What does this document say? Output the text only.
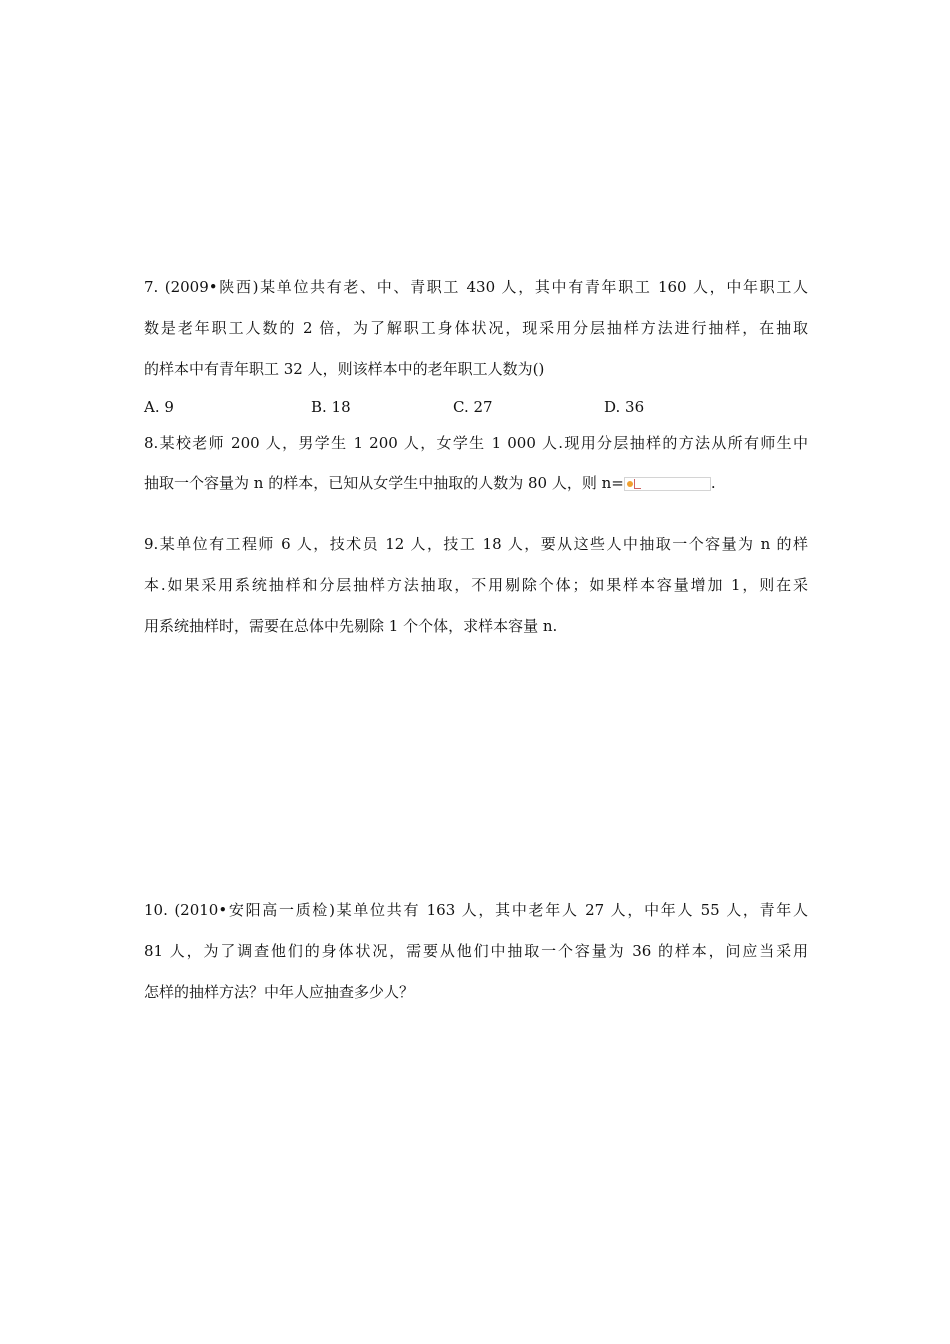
7. (2009•陕西)某单位共有老、中、青职工 430 人，其中有青年职工 160 人，中年职工人
数是老年职工人数的 2 倍，为了解职工身体状况，现采用分层抽样方法进行抽样，在抽取
的样本中有青年职工 32 人，则该样本中的老年职工人数为()
A. 9	B. 18	C. 27	D. 36
8.某校老师 200 人，男学生 1 200 人，女学生 1 000 人.现用分层抽样的方法从所有师生中
抽取一个容量为 n 的样本，已知从女学生中抽取的人数为 80 人，则 n=	.
9.某单位有工程师 6 人，技术员 12 人，技工 18 人，要从这些人中抽取一个容量为 n 的样
本.如果采用系统抽样和分层抽样方法抽取，不用剔除个体；如果样本容量增加 1，则在采
用系统抽样时，需要在总体中先剔除 1 个个体，求样本容量 n.
10. (2010•安阳高一质检)某单位共有 163 人，其中老年人 27 人，中年人 55 人，青年人
81 人，为了调查他们的身体状况，需要从他们中抽取一个容量为 36 的样本，问应当采用
怎样的抽样方法？中年人应抽查多少人？
